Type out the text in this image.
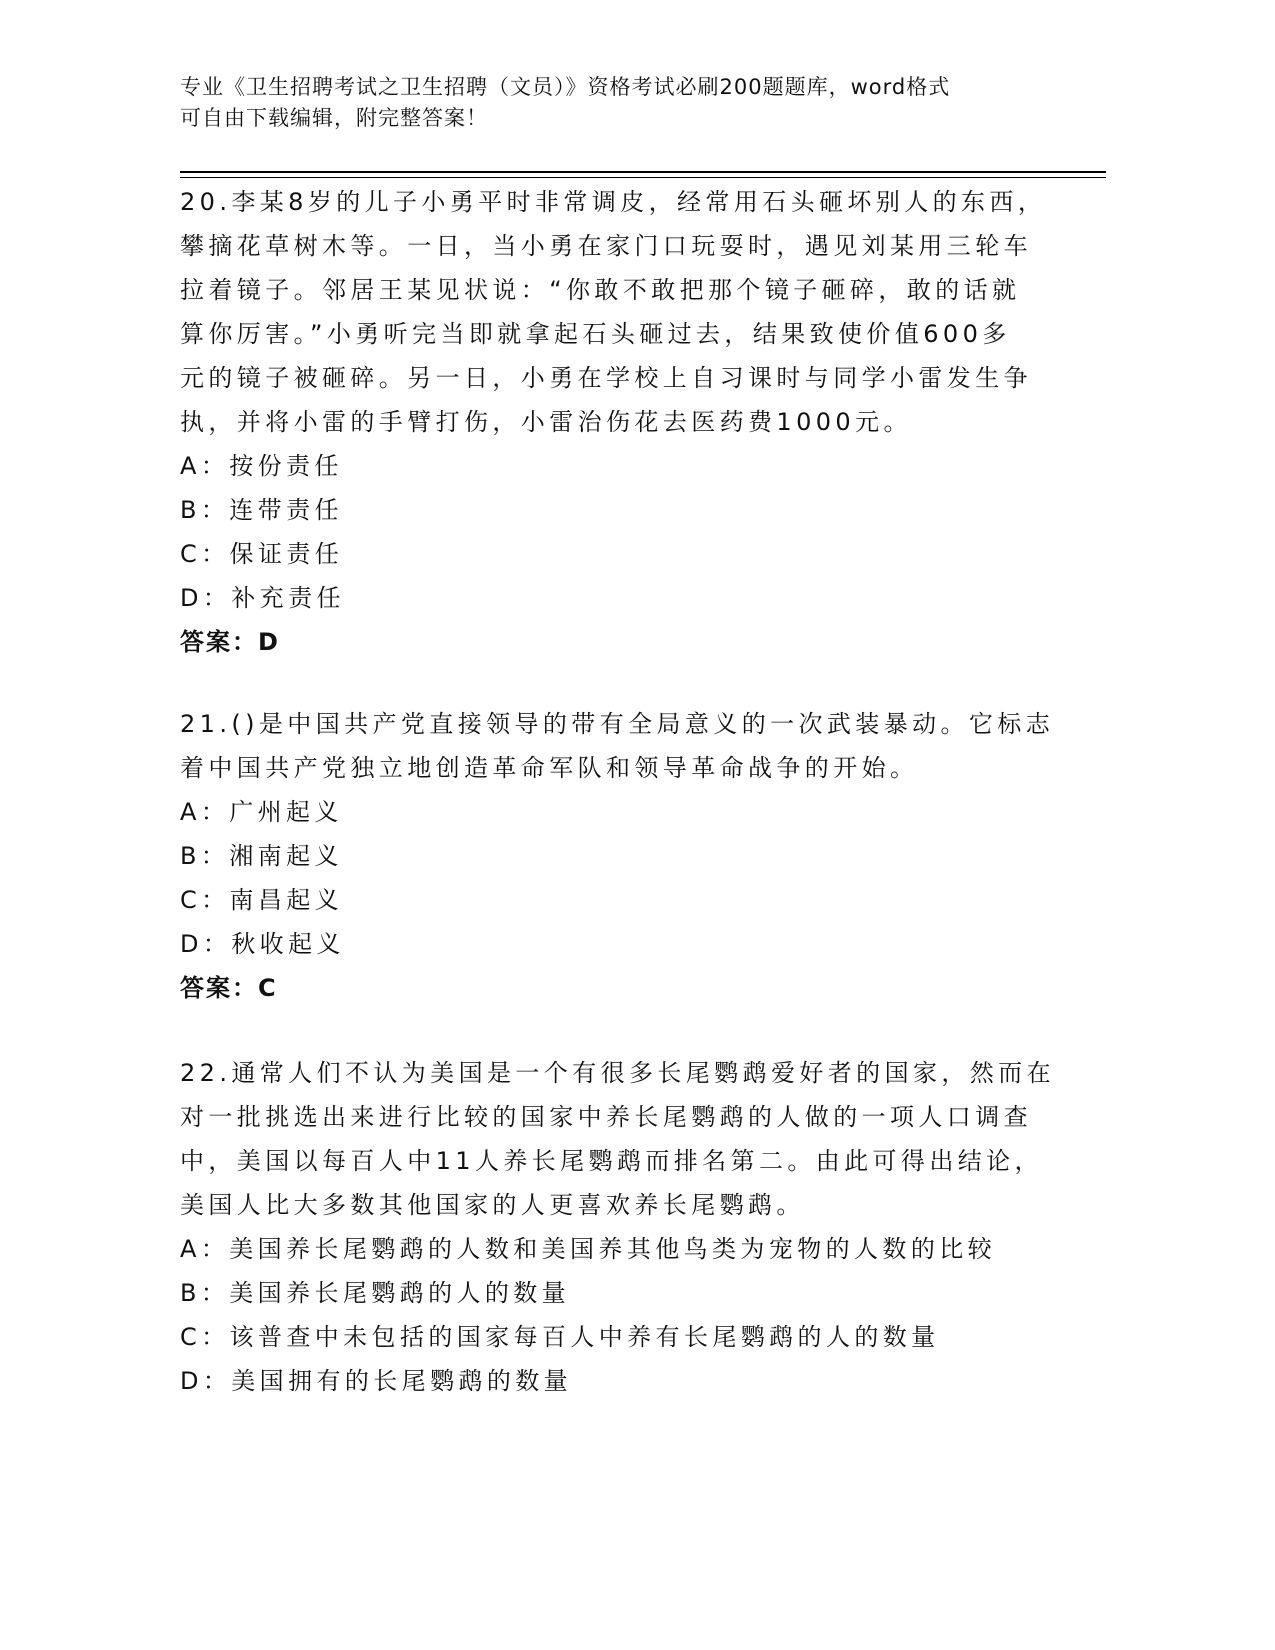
专业《卫生招聘考试之卫生招聘（文员）》资格考试必刷200题题库，word格式
可自由下载编辑，附完整答案！
20.李某8岁的儿子小勇平时非常调皮，经常用石头砸坏别人的东西，
攀摘花草树木等。一日，当小勇在家门口玩耍时，遇见刘某用三轮车
拉着镜子。邻居王某见状说：“你敢不敢把那个镜子砸碎，敢的话就
算你厉害。”小勇听完当即就拿起石头砸过去，结果致使价值600多
元的镜子被砸碎。另一日，小勇在学校上自习课时与同学小雷发生争
执，并将小雷的手臂打伤，小雷治伤花去医药费1000元。
A：按份责任
B：连带责任
C：保证责任
D：补充责任
答案：D
21.()是中国共产党直接领导的带有全局意义的一次武装暴动。它标志
着中国共产党独立地创造革命军队和领导革命战争的开始。
A：广州起义
B：湘南起义
C：南昌起义
D：秋收起义
答案：C
22.通常人们不认为美国是一个有很多长尾鹦鹉爱好者的国家，然而在
对一批挑选出来进行比较的国家中养长尾鹦鹉的人做的一项人口调查
中，美国以每百人中11人养长尾鹦鹉而排名第二。由此可得出结论，
美国人比大多数其他国家的人更喜欢养长尾鹦鹉。
A：美国养长尾鹦鹉的人数和美国养其他鸟类为宠物的人数的比较
B：美国养长尾鹦鹉的人的数量
C：该普查中未包括的国家每百人中养有长尾鹦鹉的人的数量
D：美国拥有的长尾鹦鹉的数量
